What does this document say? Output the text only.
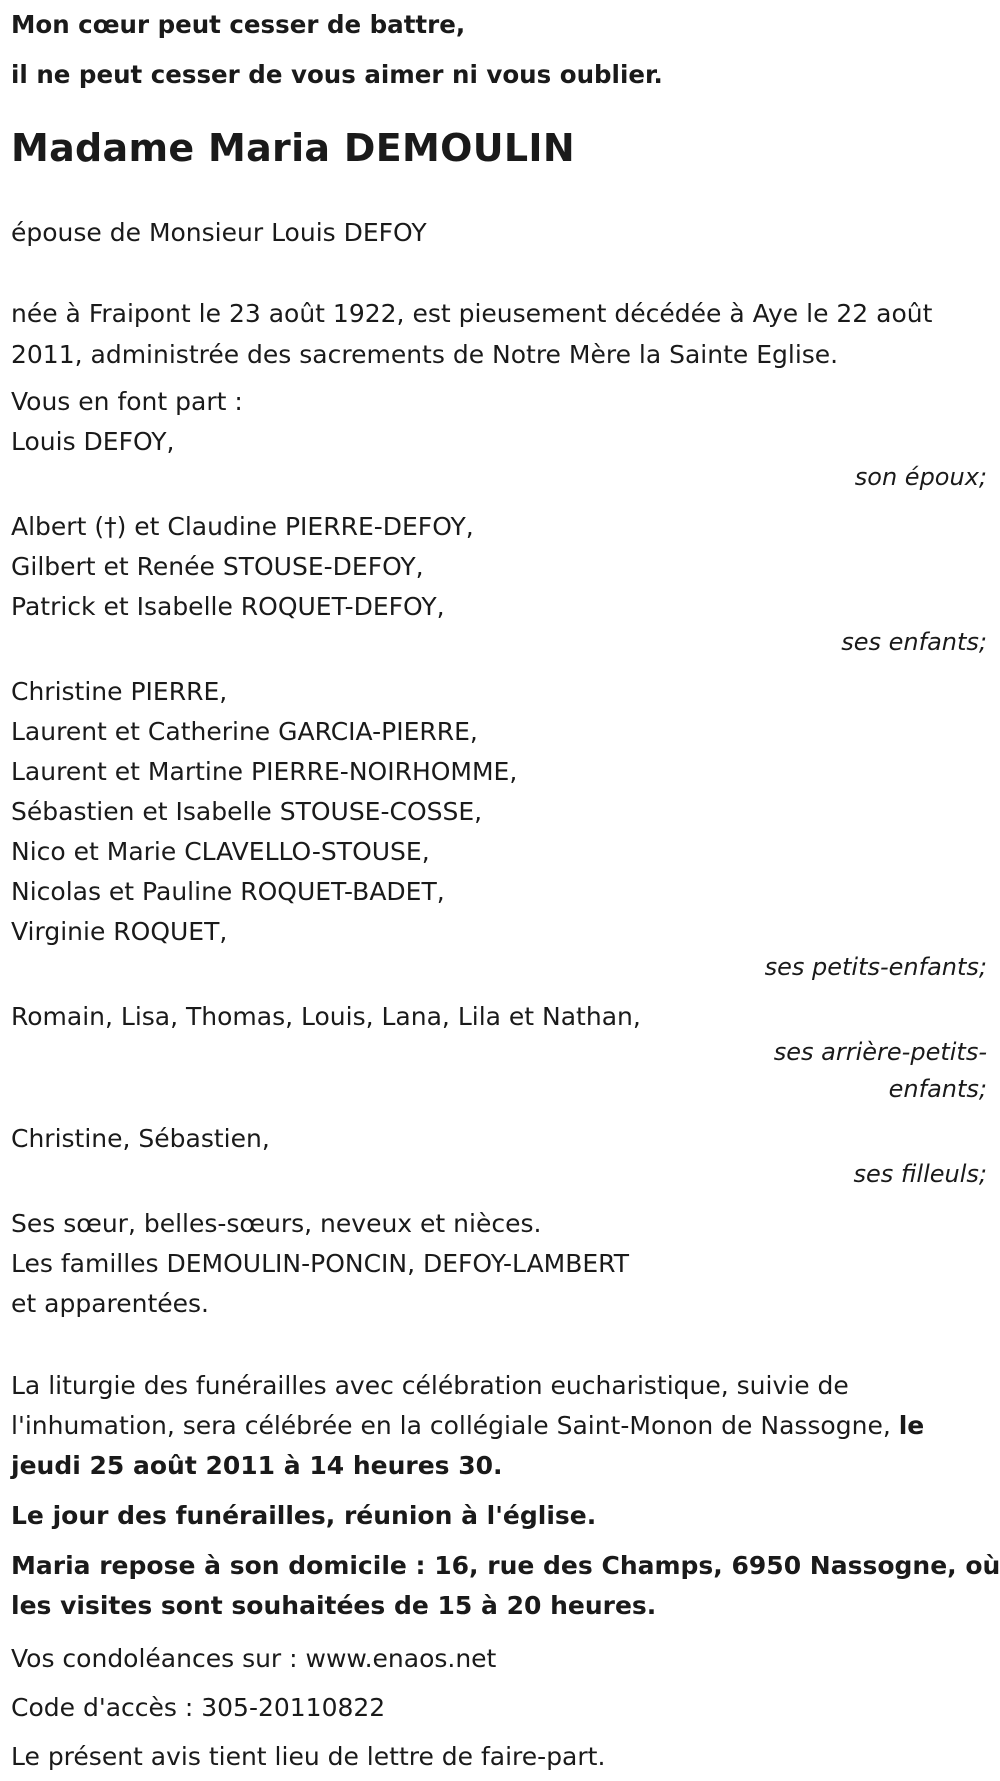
Mon cœur peut cesser de battre,
il ne peut cesser de vous aimer ni vous oublier.
Madame Maria DEMOULIN
épouse de Monsieur Louis DEFOY
née à Fraipont le 23 août 1922, est pieusement décédée à Aye le 22 août
2011, administrée des sacrements de Notre Mère la Sainte Eglise.
Vous en font part :
Louis DEFOY,
son époux;
Albert (†) et Claudine PIERRE-DEFOY,
Gilbert et Renée STOUSE-DEFOY,
Patrick et Isabelle ROQUET-DEFOY,
ses enfants;
Christine PIERRE,
Laurent et Catherine GARCIA-PIERRE,
Laurent et Martine PIERRE-NOIRHOMME,
Sébastien et Isabelle STOUSE-COSSE,
Nico et Marie CLAVELLO-STOUSE,
Nicolas et Pauline ROQUET-BADET,
Virginie ROQUET,
ses petits-enfants;
Romain, Lisa, Thomas, Louis, Lana, Lila et Nathan,
ses arrière-petits-
enfants;
Christine, Sébastien,
ses filleuls;
Ses sœur, belles-sœurs, neveux et nièces.
Les familles DEMOULIN-PONCIN, DEFOY-LAMBERT
et apparentées.
La liturgie des funérailles avec célébration eucharistique, suivie de
l'inhumation, sera célébrée en la collégiale Saint-Monon de Nassogne, le
jeudi 25 août 2011 à 14 heures 30.
Le jour des funérailles, réunion à l'église.
Maria repose à son domicile : 16, rue des Champs, 6950 Nassogne, où
les visites sont souhaitées de 15 à 20 heures.
Vos condoléances sur : www.enaos.net
Code d'accès : 305-20110822
Le présent avis tient lieu de lettre de faire-part.
